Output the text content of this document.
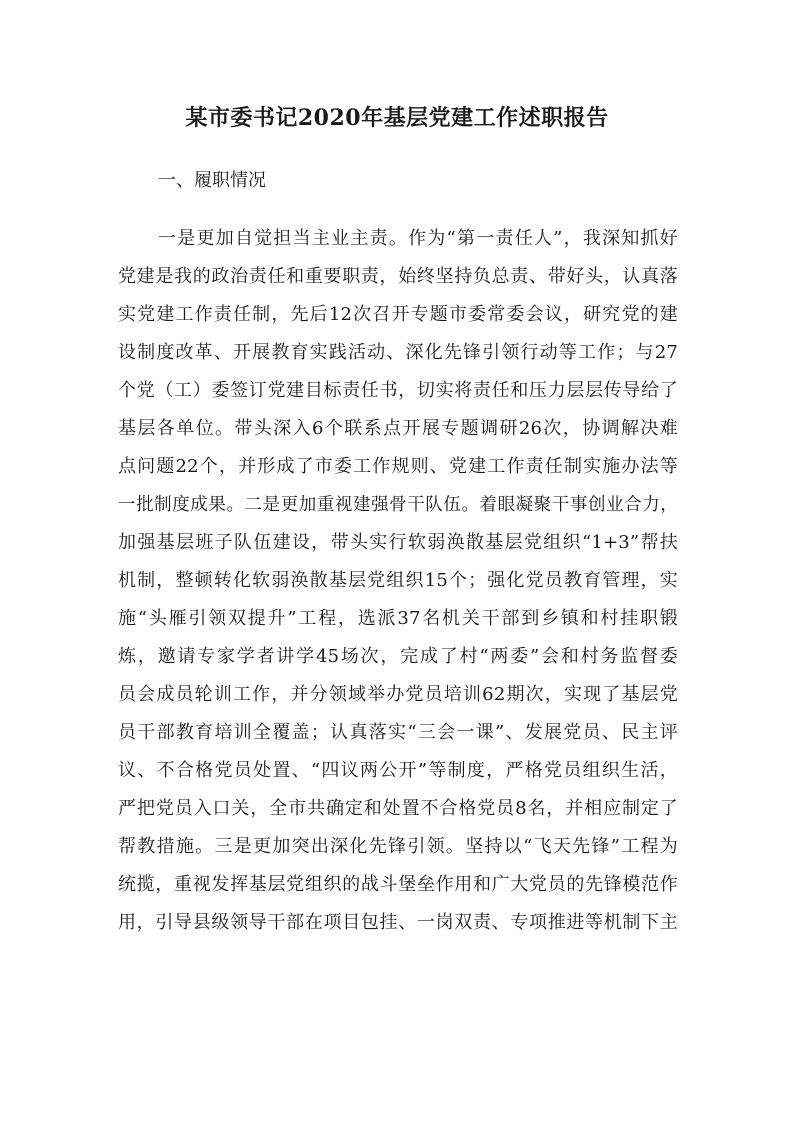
某市委书记2020年基层党建工作述职报告
一、履职情况
一是更加自觉担当主业主责。作为“第一责任人”，我深知抓好
党建是我的政治责任和重要职责，始终坚持负总责、带好头，认真落
实党建工作责任制，先后12次召开专题市委常委会议，研究党的建
设制度改革、开展教育实践活动、深化先锋引领行动等工作；与27
个党（工）委签订党建目标责任书，切实将责任和压力层层传导给了
基层各单位。带头深入6个联系点开展专题调研26次，协调解决难
点问题22个，并形成了市委工作规则、党建工作责任制实施办法等
一批制度成果。二是更加重视建强骨干队伍。着眼凝聚干事创业合力，
加强基层班子队伍建设，带头实行软弱涣散基层党组织“1+3”帮扶
机制，整顿转化软弱涣散基层党组织15个；强化党员教育管理，实
施“头雁引领双提升”工程，选派37名机关干部到乡镇和村挂职锻
炼，邀请专家学者讲学45场次，完成了村“两委”会和村务监督委
员会成员轮训工作，并分领域举办党员培训62期次，实现了基层党
员干部教育培训全覆盖；认真落实“三会一课”、发展党员、民主评
议、不合格党员处置、“四议两公开”等制度，严格党员组织生活，
严把党员入口关，全市共确定和处置不合格党员8名，并相应制定了
帮教措施。三是更加突出深化先锋引领。坚持以“飞天先锋”工程为
统揽，重视发挥基层党组织的战斗堡垒作用和广大党员的先锋模范作
用，引导县级领导干部在项目包挂、一岗双责、专项推进等机制下主
